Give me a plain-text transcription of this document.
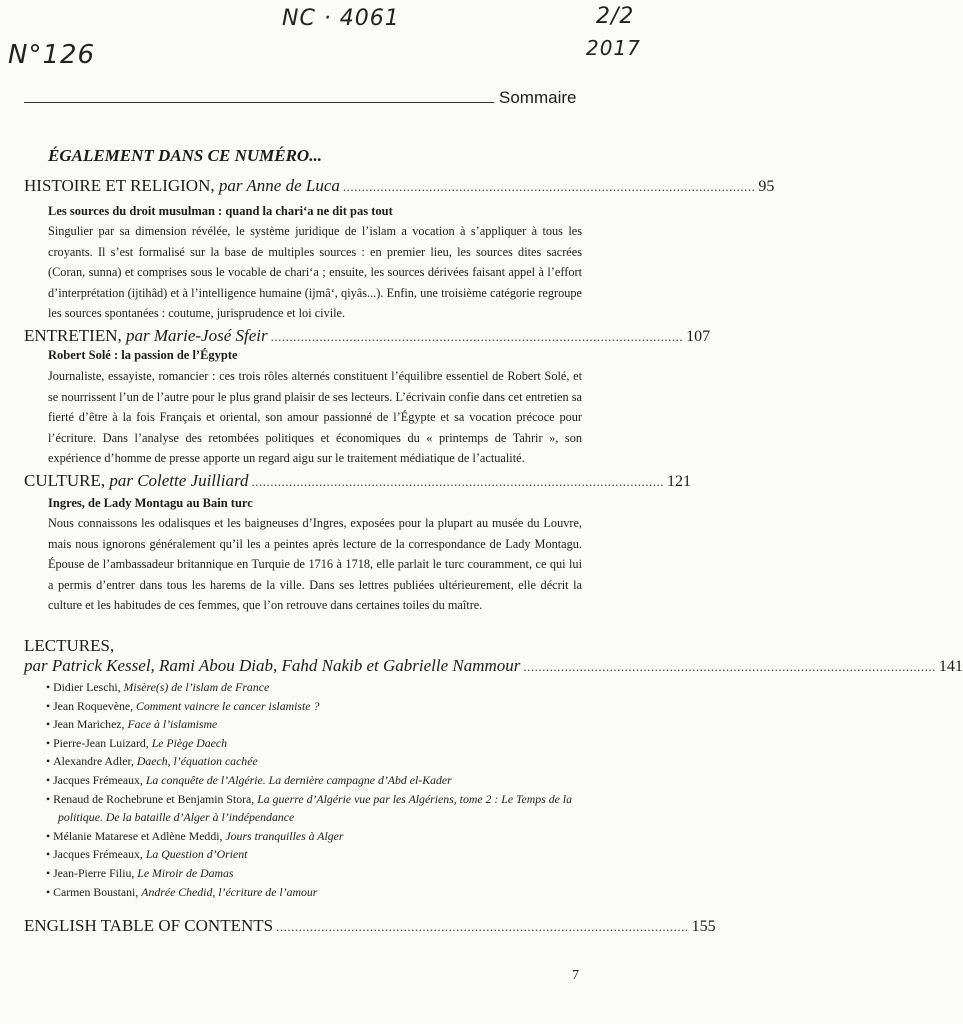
N°126
NC · 4061	2/2
2017
Sommaire
ÉGALEMENT DANS CE NUMÉRO...
HISTOIRE ET RELIGION,
par Anne de Luca .............................................................................................................. 95
Les sources du droit musulman : quand la chari‘a ne dit pas tout

Singulier par sa dimension révélée, le système juridique de l’islam a vocation à s’appliquer à tous les croyants. Il s’est formalisé sur la base de multiples sources : en premier lieu, les sources dites sacrées (Coran, sunna) et comprises sous le vocable de chari‘a ; ensuite, les sources dérivées faisant appel à l’effort d’interprétation (ijtihâd) et à l’intelligence humaine (ijmâ‘, qiyâs...). Enfin, une troisième catégorie regroupe les sources spontanées : coutume, jurisprudence et loi civile.

ENTRETIEN,
par Marie-José Sfeir .............................................................................................................. 107
Robert Solé : la passion de l’Égypte

Journaliste, essayiste, romancier : ces trois rôles alternés constituent l’équilibre essentiel de Robert Solé, et se nourrissent l’un de l’autre pour le plus grand plaisir de ses lecteurs. L’écrivain confie dans cet entretien sa fierté d’être à la fois Français et oriental, son amour passionné de l’Égypte et sa vocation précoce pour l’écriture. Dans l’analyse des retombées politiques et économiques du « printemps de Tahrir », son expérience d’homme de presse apporte un regard aigu sur le traitement médiatique de l’actualité.

CULTURE,
par Colette Juilliard .............................................................................................................. 121
Ingres, de Lady Montagu au Bain turc

Nous connaissons les odalisques et les baigneuses d’Ingres, exposées pour la plupart au musée du Louvre, mais nous ignorons généralement qu’il les a peintes après lecture de la correspondance de Lady Montagu. Épouse de l’ambassadeur britannique en Turquie de 1716 à 1718, elle parlait le turc couramment, ce qui lui a permis d’entrer dans tous les harems de la ville. Dans ses lettres publiées ultérieurement, elle décrit la culture et les habitudes de ces femmes, que l’on retrouve dans certaines toiles du maître.

LECTURES,
par Patrick Kessel, Rami Abou Diab, Fahd Nakib et Gabrielle Nammour .............................................................................................................. 141
• Didier Leschi, Misère(s) de l’islam de France
• Jean Roquevène, Comment vaincre le cancer islamiste ?
• Jean Marichez, Face à l’islamisme
• Pierre-Jean Luizard, Le Piège Daech
• Alexandre Adler, Daech, l’équation cachée
• Jacques Frémeaux, La conquête de l’Algérie. La dernière campagne d’Abd el-Kader
• Renaud de Rochebrune et Benjamin Stora, La guerre d’Algérie vue par les Algériens, tome 2 : Le Temps de la politique. De la bataille d’Alger à l’indépendance
• Mélanie Matarese et Adlène Meddi, Jours tranquilles à Alger
• Jacques Frémeaux, La Question d’Orient
• Jean-Pierre Filiu, Le Miroir de Damas
• Carmen Boustani, Andrée Chedid, l’écriture de l’amour
ENGLISH TABLE OF CONTENTS .............................................................................................................. 155
7
